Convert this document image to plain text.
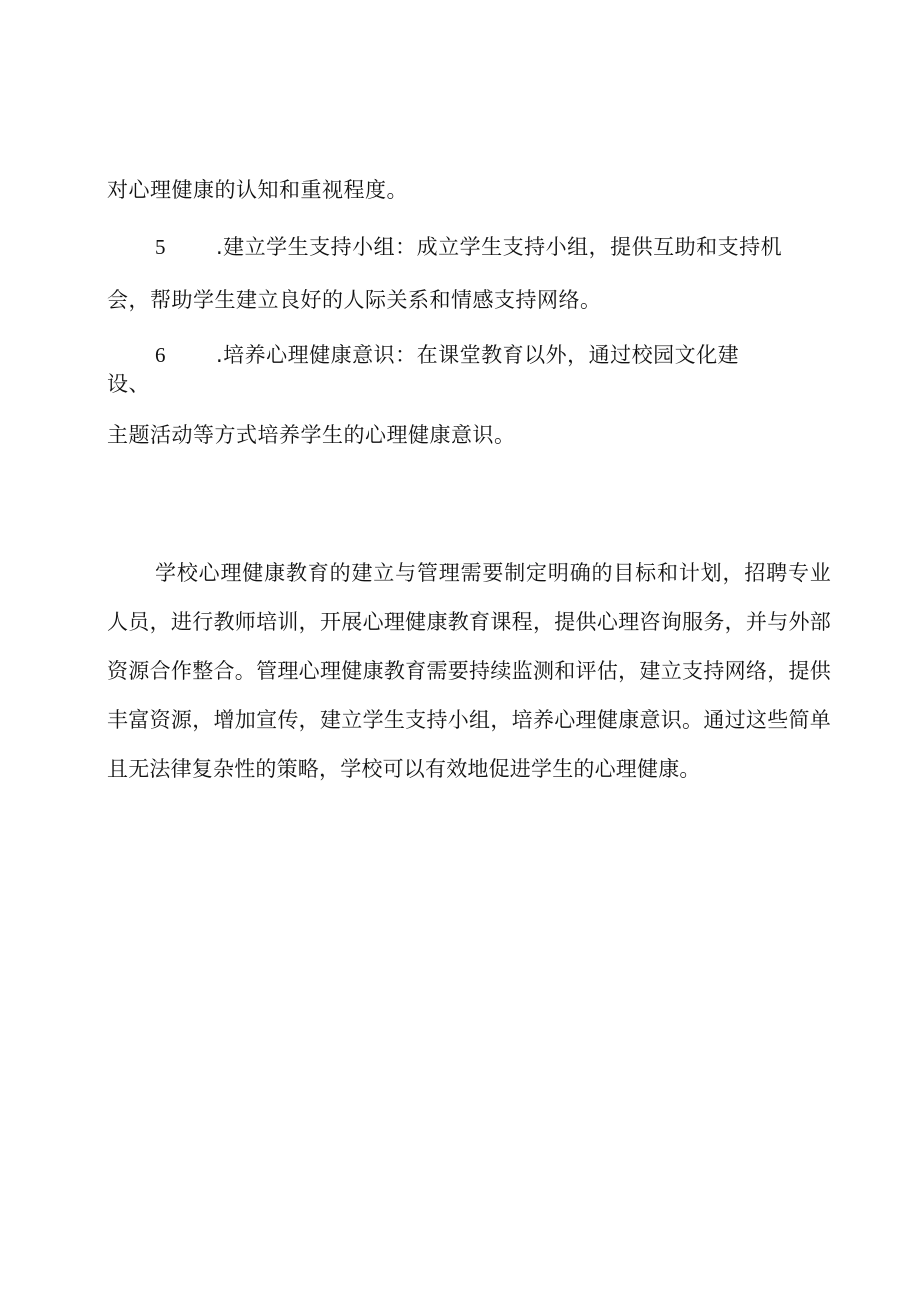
对心理健康的认知和重视程度。
5 .建立学生支持小组：成立学生支持小组，提供互助和支持机
会，帮助学生建立良好的人际关系和情感支持网络。
6 .培养心理健康意识：在课堂教育以外，通过校园文化建
设、
主题活动等方式培养学生的心理健康意识。

学校心理健康教育的建立与管理需要制定明确的目标和计划，招聘专业人员，进行教师培训，开展心理健康教育课程，提供心理咨询服务，并与外部资源合作整合。管理心理健康教育需要持续监测和评估，建立支持网络，提供丰富资源，增加宣传，建立学生支持小组，培养心理健康意识。通过这些简单且无法律复杂性的策略，学校可以有效地促进学生的心理健康。
